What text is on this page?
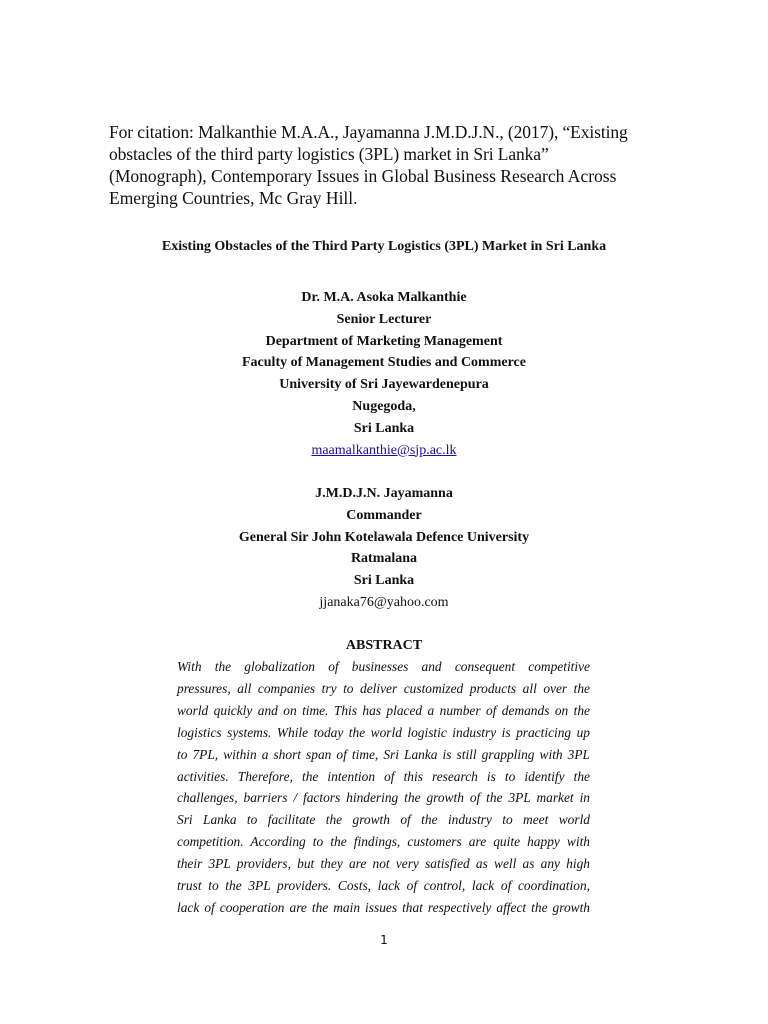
For citation: Malkanthie M.A.A., Jayamanna J.M.D.J.N., (2017), “Existing obstacles of the third party logistics (3PL) market in Sri Lanka” (Monograph), Contemporary Issues in Global Business Research Across Emerging Countries, Mc Gray Hill.
Existing Obstacles of the Third Party Logistics (3PL) Market in Sri Lanka
Dr. M.A. Asoka Malkanthie
Senior Lecturer
Department of Marketing Management
Faculty of Management Studies and Commerce
University of Sri Jayewardenepura
Nugegoda,
Sri Lanka
maamalkanthie@sjp.ac.lk
J.M.D.J.N. Jayamanna
Commander
General Sir John Kotelawala Defence University
Ratmalana
Sri Lanka
jjanaka76@yahoo.com
ABSTRACT
With the globalization of businesses and consequent competitive
pressures, all companies try to deliver customized products all over the
world quickly and on time. This has placed a number of demands on the
logistics systems. While today the world logistic industry is practicing up
to 7PL, within a short span of time, Sri Lanka is still grappling with 3PL
activities. Therefore, the intention of this research is to identify the
challenges, barriers / factors hindering the growth of the 3PL market in
Sri Lanka to facilitate the growth of the industry to meet world
competition. According to the findings, customers are quite happy with
their 3PL providers, but they are not very satisfied as well as any high
trust to the 3PL providers. Costs, lack of control, lack of coordination,
lack of cooperation are the main issues that respectively affect the growth
1
